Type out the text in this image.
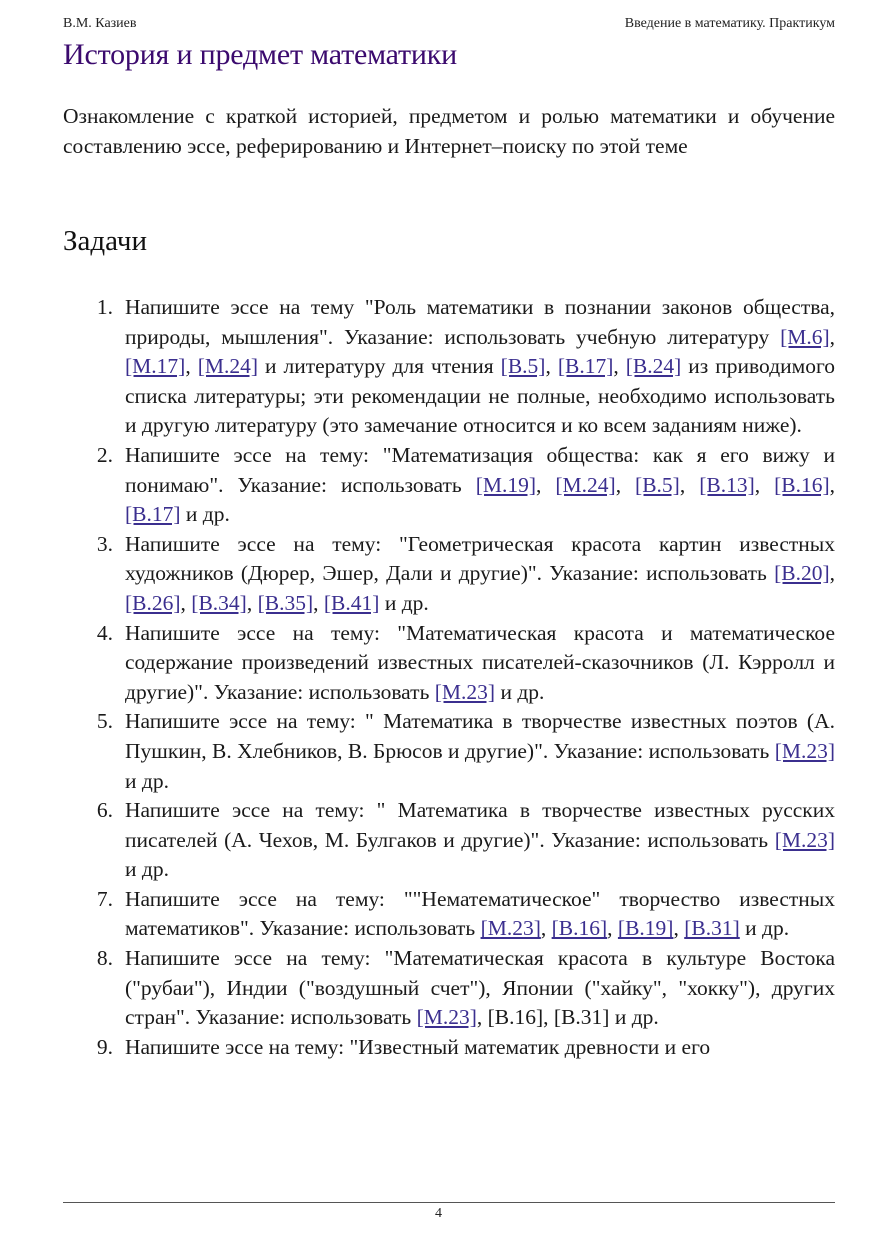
В.М. Казиев	Введение в математику. Практикум
История и предмет математики

Ознакомление с краткой историей, предметом и ролью математики и обучение составлению эссе, реферированию и Интернет–поиску по этой теме

Задачи
1. Напишите эссе на тему "Роль математики в познании законов общества, природы, мышления". Указание: использовать учебную литературу [М.6], [М.17], [М.24] и литературу для чтения [В.5], [В.17], [В.24] из приводимого списка литературы; эти рекомендации не полные, необходимо использовать и другую литературу (это замечание относится и ко всем заданиям ниже).
2. Напишите эссе на тему: "Математизация общества: как я его вижу и понимаю". Указание: использовать [М.19], [М.24], [В.5], [В.13], [В.16], [В.17] и др.
3. Напишите эссе на тему: "Геометрическая красота картин известных художников (Дюрер, Эшер, Дали и другие)". Указание: использовать [В.20], [В.26], [В.34], [В.35], [В.41] и др.
4. Напишите эссе на тему: "Математическая красота и математическое содержание произведений известных писателей-сказочников (Л. Кэрролл и другие)". Указание: использовать [М.23] и др.
5. Напишите эссе на тему: " Математика в творчестве известных поэтов (А. Пушкин, В. Хлебников, В. Брюсов и другие)". Указание: использовать [М.23] и др.
6. Напишите эссе на тему: " Математика в творчестве известных русских писателей (А. Чехов, М. Булгаков и другие)". Указание: использовать [М.23] и др.
7. Напишите эссе на тему: ""Нематематическое" творчество известных математиков". Указание: использовать [М.23], [В.16], [В.19], [В.31] и др.
8. Напишите эссе на тему: "Математическая красота в культуре Востока ("рубаи"), Индии ("воздушный счет"), Японии ("хайку", "хокку"), других стран". Указание: использовать [М.23], [В.16], [В.31] и др.
9. Напишите эссе на тему: "Известный математик древности и его
4
